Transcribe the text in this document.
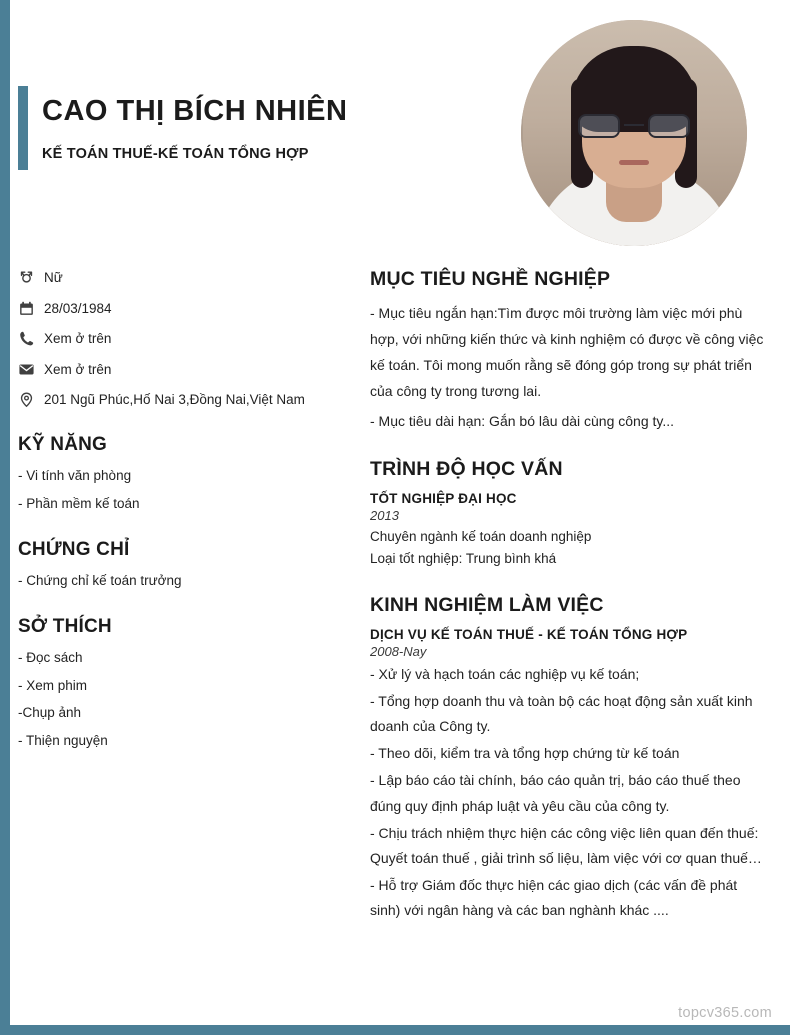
CAO THỊ BÍCH NHIÊN
KẾ TOÁN THUẾ-KẾ TOÁN TỔNG HỢP
Nữ
28/03/1984
Xem ở trên
Xem ở trên
201 Ngũ Phúc,Hố Nai 3,Đồng Nai,Việt Nam
KỸ NĂNG

- Vi tính văn phòng

- Phần mềm kế toán

CHỨNG CHỈ

- Chứng chỉ kế toán trưởng

SỞ THÍCH

- Đọc sách

- Xem phim

-Chụp ảnh

- Thiện nguyện

MỤC TIÊU NGHỀ NGHIỆP

- Mục tiêu ngắn hạn:Tìm được môi trường làm việc mới phù hợp, với những kiến thức và kinh nghiệm có được về công việc kế toán. Tôi mong muốn rằng sẽ đóng góp trong sự phát triển của công ty trong tương lai.

- Mục tiêu dài hạn: Gắn bó lâu dài cùng công ty...

TRÌNH ĐỘ HỌC VẤN

TỐT NGHIỆP ĐẠI HỌC

2013

Chuyên ngành kế toán doanh nghiệp

Loại tốt nghiệp: Trung bình khá

KINH NGHIỆM LÀM VIỆC

DỊCH VỤ KẾ TOÁN THUẾ - KẾ TOÁN TỔNG HỢP

2008-Nay

- Xử lý và hạch toán các nghiệp vụ kế toán;

- Tổng hợp doanh thu và toàn bộ các hoạt động sản xuất kinh doanh của Công ty.

- Theo dõi, kiểm tra và tổng hợp chứng từ kế toán

- Lập báo cáo tài chính, báo cáo quản trị, báo cáo thuế theo đúng quy định pháp luật và yêu cầu của công ty.

- Chịu trách nhiệm thực hiện các công việc liên quan đến thuế: Quyết toán thuế , giải trình số liệu, làm việc với cơ quan thuế…

- Hỗ trợ Giám đốc thực hiện các giao dịch (các vấn đề phát sinh) với ngân hàng và các ban nghành khác ....

topcv365.com
